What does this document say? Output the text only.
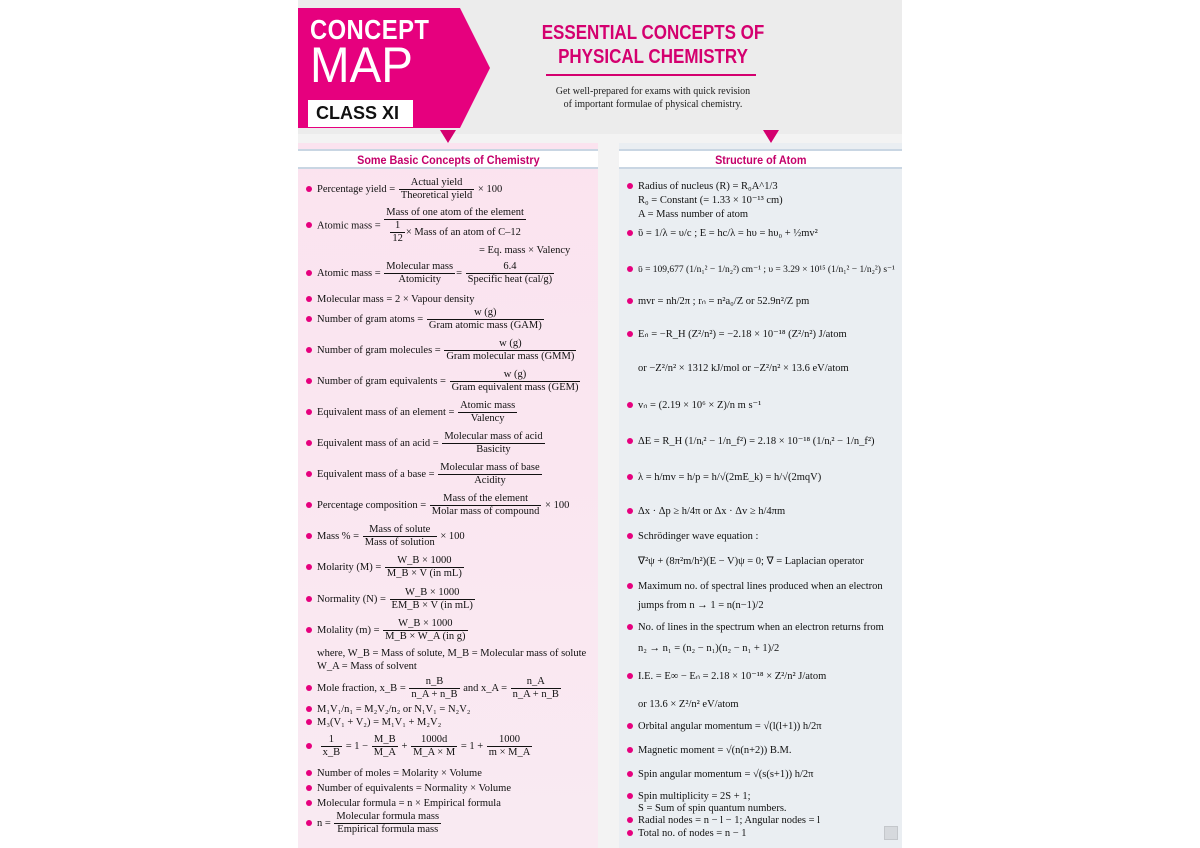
CONCEPT
MAP
CLASS XI
ESSENTIAL CONCEPTS OF
PHYSICAL CHEMISTRY
Get well-prepared for exams with quick revision
of important formulae of physical chemistry.
Some Basic Concepts of Chemistry
Percentage yield = $\frac{\text{Actual yield}}{\text{Theoretical yield}} \times 100$
Atomic mass = $\frac{\text{Mass of one atom of the element}}{\frac{1}{12} \times Mass of an atom of C-12}$
= Eq. mass × Valency
Atomic mass = $\frac{\text{Molecular mass}}{\text{Atomicity}} = \frac{6.4}{\text{Specific heat (cal/g)}}$
Molecular mass = 2 × Vapour density
Number of gram atoms = $\frac{w (g)}{\text{Gram atomic mass (GAM)}}$
Number of gram molecules = $\frac{w (g)}{\text{Gram molecular mass (GMM)}}$
Number of gram equivalents = $\frac{w (g)}{\text{Gram equivalent mass (GEM)}}$
Equivalent mass of an element = $\frac{\text{Atomic mass}}{\text{Valency}}$
Equivalent mass of an acid = $\frac{\text{Molecular mass of acid}}{\text{Basicity}}$
Equivalent mass of a base = $\frac{\text{Molecular mass of base}}{\text{Acidity}}$
Percentage composition = $\frac{\text{Mass of the element}}{\text{Molar mass of compound}} \times 100$
Mass % = $\frac{\text{Mass of solute}}{\text{Mass of solution}} \times 100$
Molarity $(M) = \frac{W\_B \times 1000}{\text{M\_B × V (in mL)}}$
Normality $(N) = \frac{W\_B \times 1000}{\text{EM\_B × V (in mL)}}$
Molality $(m) = \frac{W\_B \times 1000}{\text{M\_B × W\_A (in g)}}$
where, W_B = Mass of solute, M_B = Molecular mass of solute
W_A = Mass of solvent
Mole fraction, x_B = $\frac{n\_B}{n\_A + n\_B}$ and x_A = $\frac{n\_A}{n\_A + n\_B}$
M₁V₁/n₁ = M₂V₂/n₂ or N₁V₁ = N₂V₂
M₃(V₁ + V₂) = M₁V₁ + M₂V₂

$\frac{1}{x\_B} = 1 - \frac{M\_B}{M\_A} + \frac{1000d}{M\_A \times M} = 1 + \frac{1000}{m \times M\_A}$
Number of moles = Molarity × Volume
Number of equivalents = Normality × Volume
Molecular formula = n × Empirical formula
$n = \frac{\text{Molecular formula mass}}{\text{Empirical formula mass}}$
Structure of Atom
Radius of nucleus (R) = R₀A^1/3
R₀ = Constant (= 1.33 × 10⁻¹³ cm)
A = Mass number of atom
ῡ = 1/λ = υ/c ; E = hc/λ = hυ = hυ₀ + ½mv²
ῡ = 109,677 (1/n₁² − 1/n₂²) cm⁻¹ ; υ = 3.29 × 10¹⁵ (1/n₁² − 1/n₂²) s⁻¹
mvr = nh/2π ; rₙ = n²a₀/Z or 52.9n²/Z pm
Eₙ = −R_H (Z²/n²) = −2.18 × 10⁻¹⁸ (Z²/n²) J/atom
or −Z²/n² × 1312 kJ/mol or −Z²/n² × 13.6 eV/atom
vₙ = (2.19 × 10⁶ × Z)/n m s⁻¹
ΔE = R_H (1/nᵢ² − 1/n_f²) = 2.18 × 10⁻¹⁸ (1/nᵢ² − 1/n_f²)
λ = h/mv = h/p = h/√(2mE_k) = h/√(2mqV)
Δx · Δp ≥ h/4π or Δx · Δv ≥ h/4πm
Schrödinger wave equation :
∇²ψ + (8π²m/h²)(E − V)ψ = 0; ∇ = Laplacian operator
Maximum no. of spectral lines produced when an electron
jumps from n → 1 = n(n−1)/2
No. of lines in the spectrum when an electron returns from
n₂ → n₁ = (n₂ − n₁)(n₂ − n₁ + 1)/2
I.E. = E∞ − Eₙ = 2.18 × 10⁻¹⁸ × Z²/n² J/atom
or 13.6 × Z²/n² eV/atom
Orbital angular momentum = √(l(l+1)) h/2π
Magnetic moment = √(n(n+2)) B.M.
Spin angular momentum = √(s(s+1)) h/2π
Spin multiplicity = 2S + 1;
S = Sum of spin quantum numbers.
Radial nodes = n − l − 1; Angular nodes = l
Total no. of nodes = n − 1
